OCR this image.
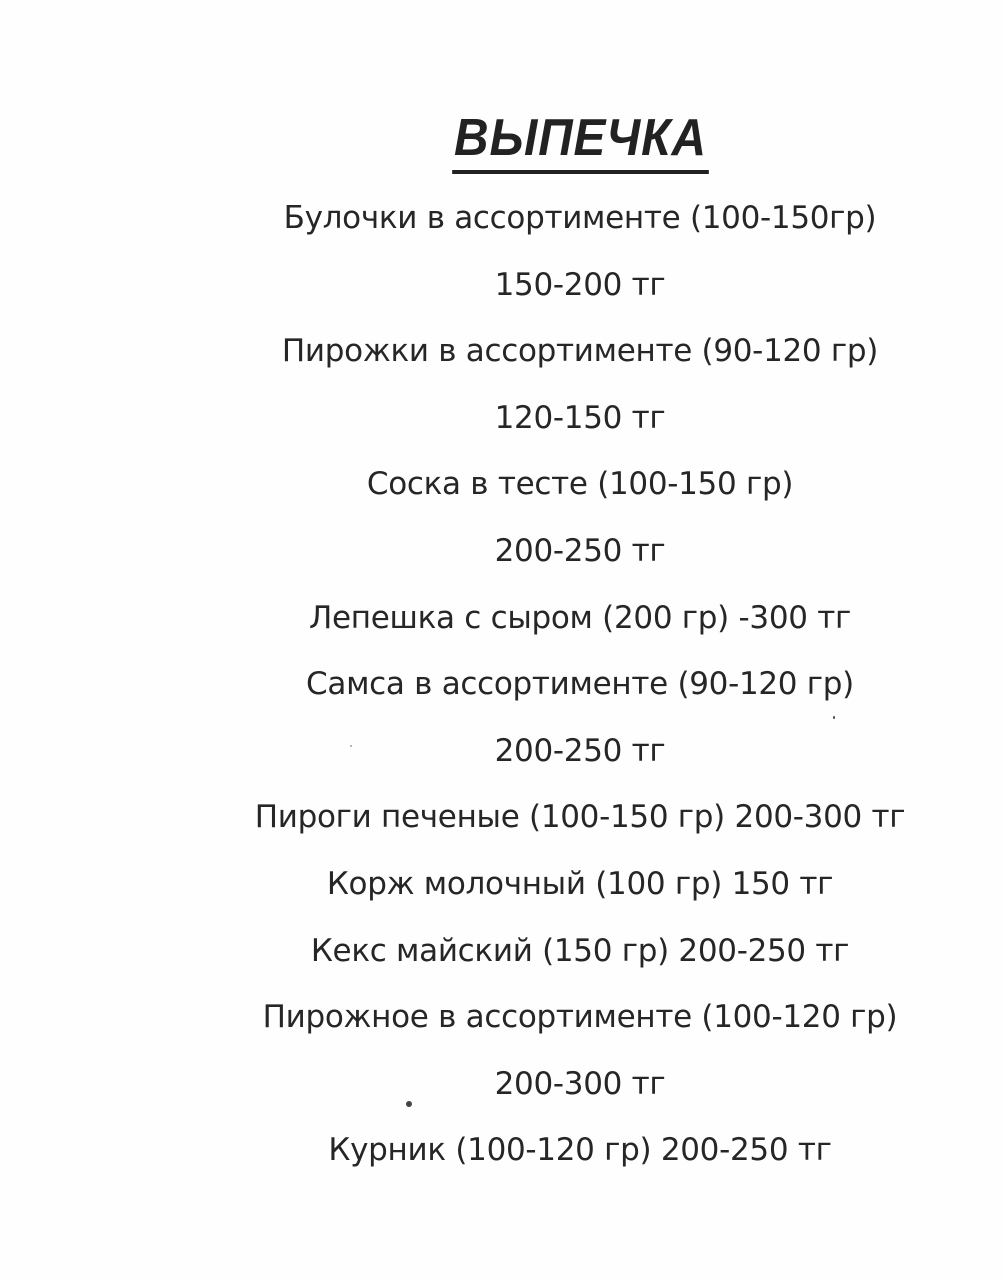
ВЫПЕЧКА
Булочки в ассортименте (100-150гр)
150-200 тг
Пирожки в ассортименте (90-120 гр)
120-150 тг
Соска в тесте (100-150 гр)
200-250 тг
Лепешка с сыром (200 гр) -300 тг
Самса в ассортименте (90-120 гр)
200-250 тг
Пироги печеные (100-150 гр) 200-300 тг
Корж молочный (100 гр) 150 тг
Кекс майский (150 гр) 200-250 тг
Пирожное в ассортименте (100-120 гр)
200-300 тг
Курник (100-120 гр) 200-250 тг
